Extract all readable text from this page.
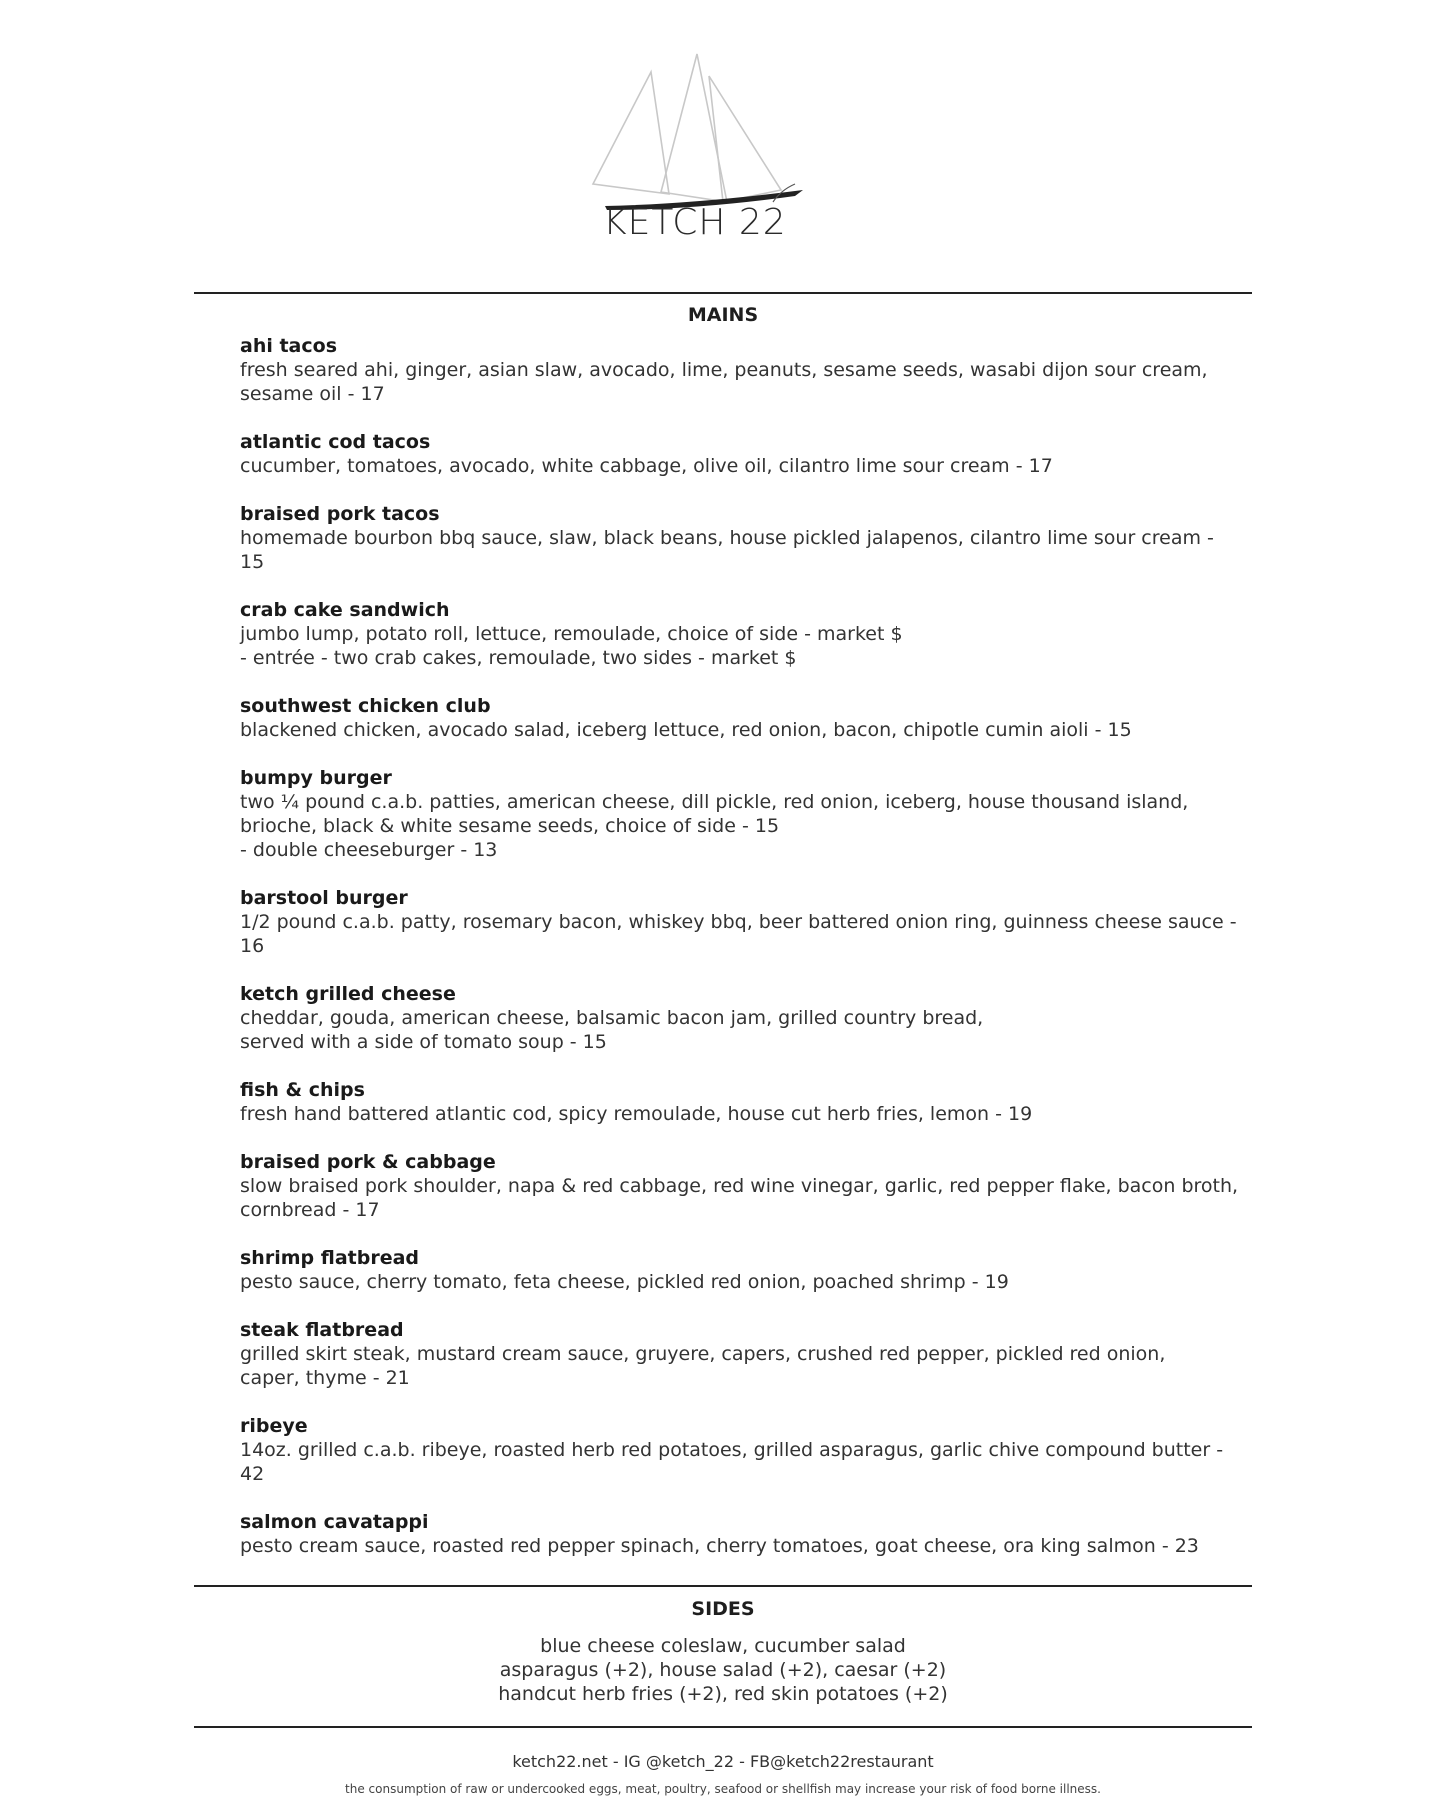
KETCH 22
MAINS
ahi tacos
fresh seared ahi, ginger, asian slaw, avocado, lime, peanuts, sesame seeds, wasabi dijon sour cream,
sesame oil - 17
atlantic cod tacos
cucumber, tomatoes, avocado, white cabbage, olive oil, cilantro lime sour cream - 17
braised pork tacos
homemade bourbon bbq sauce, slaw, black beans, house pickled jalapenos, cilantro lime sour cream - 15
crab cake sandwich
jumbo lump, potato roll, lettuce, remoulade, choice of side - market $
- entrée - two crab cakes, remoulade, two sides - market $
southwest chicken club
blackened chicken, avocado salad, iceberg lettuce, red onion, bacon, chipotle cumin aioli - 15
bumpy burger
two ¼ pound c.a.b. patties, american cheese, dill pickle, red onion, iceberg, house thousand island,
brioche, black & white sesame seeds, choice of side - 15
- double cheeseburger - 13
barstool burger
1/2 pound c.a.b. patty, rosemary bacon, whiskey bbq, beer battered onion ring, guinness cheese sauce - 16
ketch grilled cheese
cheddar, gouda, american cheese, balsamic bacon jam, grilled country bread,
served with a side of tomato soup - 15
fish & chips
fresh hand battered atlantic cod, spicy remoulade, house cut herb fries, lemon - 19
braised pork & cabbage
slow braised pork shoulder, napa & red cabbage, red wine vinegar, garlic, red pepper flake, bacon broth,
cornbread - 17
shrimp flatbread
pesto sauce, cherry tomato, feta cheese, pickled red onion, poached shrimp - 19
steak flatbread
grilled skirt steak, mustard cream sauce, gruyere, capers, crushed red pepper, pickled red onion,
caper, thyme - 21
ribeye
14oz. grilled c.a.b. ribeye, roasted herb red potatoes, grilled asparagus, garlic chive compound butter - 42
salmon cavatappi
pesto cream sauce, roasted red pepper spinach, cherry tomatoes, goat cheese, ora king salmon - 23
SIDES
blue cheese coleslaw, cucumber salad
asparagus (+2), house salad (+2), caesar (+2)
handcut herb fries (+2), red skin potatoes (+2)
ketch22.net - IG @ketch_22 - FB@ketch22restaurant
the consumption of raw or undercooked eggs, meat, poultry, seafood or shellfish may increase your risk of food borne illness.
